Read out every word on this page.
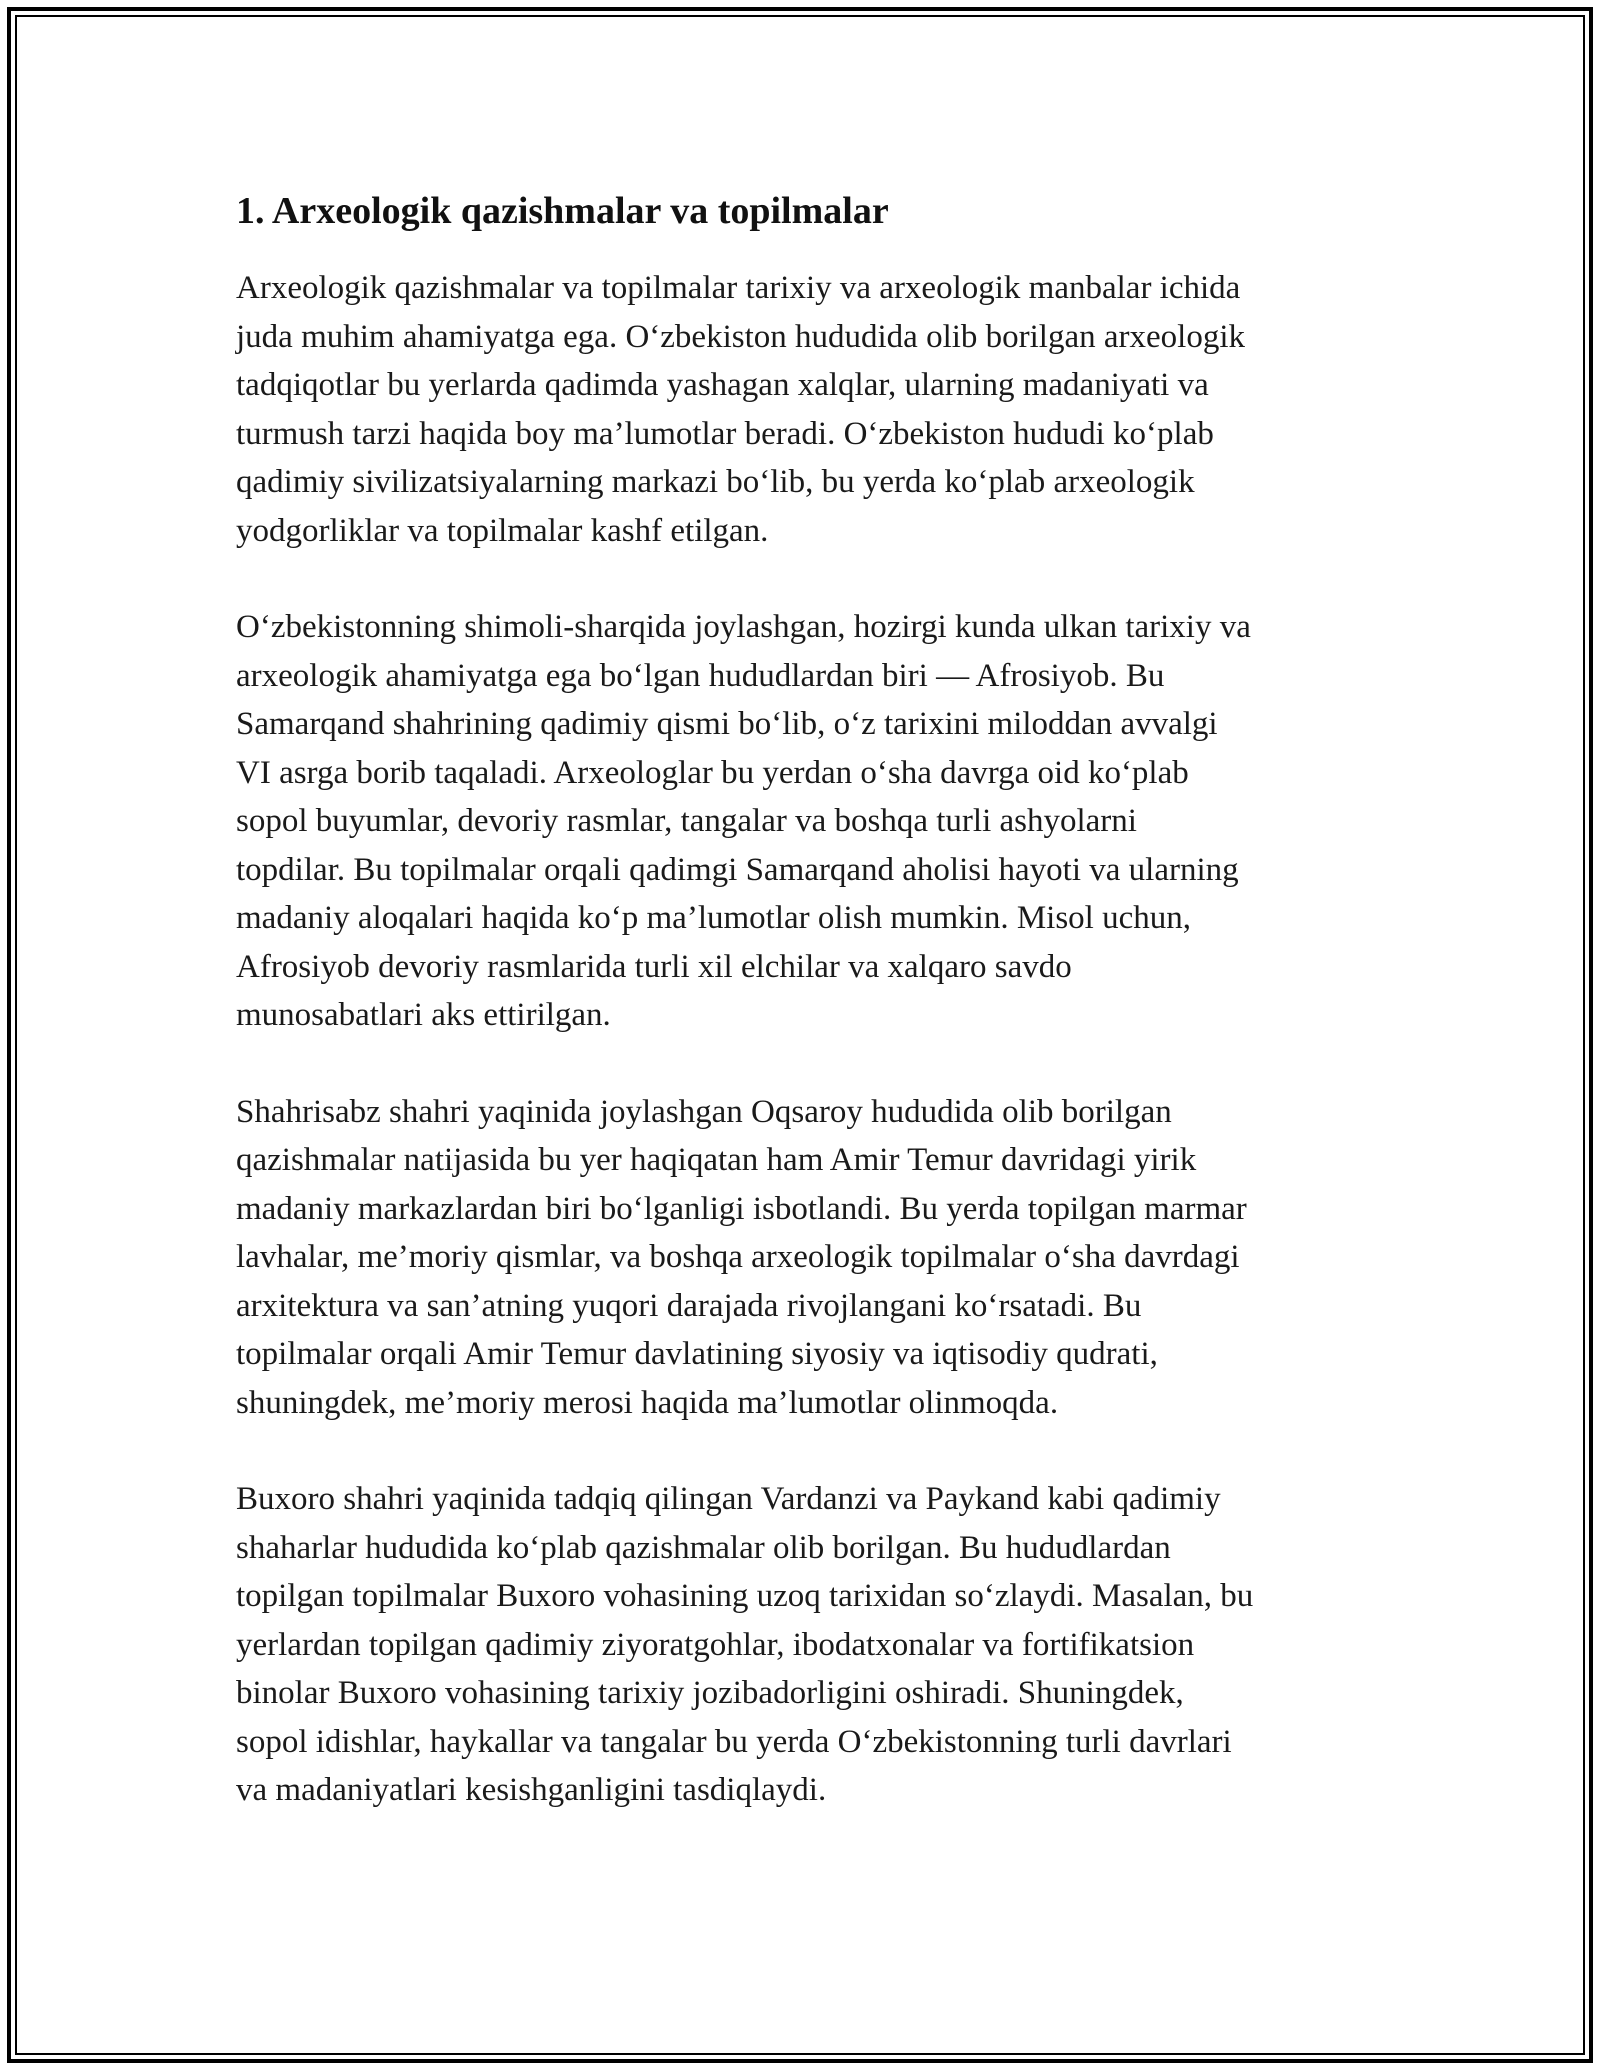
1. Arxeologik qazishmalar va topilmalar

Arxeologik qazishmalar va topilmalar tarixiy va arxeologik manbalar ichida
juda muhim ahamiyatga ega. O‘zbekiston hududida olib borilgan arxeologik
tadqiqotlar bu yerlarda qadimda yashagan xalqlar, ularning madaniyati va
turmush tarzi haqida boy ma’lumotlar beradi. O‘zbekiston hududi ko‘plab
qadimiy sivilizatsiyalarning markazi bo‘lib, bu yerda ko‘plab arxeologik
yodgorliklar va topilmalar kashf etilgan.

O‘zbekistonning shimoli-sharqida joylashgan, hozirgi kunda ulkan tarixiy va
arxeologik ahamiyatga ega bo‘lgan hududlardan biri — Afrosiyob. Bu
Samarqand shahrining qadimiy qismi bo‘lib, o‘z tarixini miloddan avvalgi
VI asrga borib taqaladi. Arxeologlar bu yerdan o‘sha davrga oid ko‘plab
sopol buyumlar, devoriy rasmlar, tangalar va boshqa turli ashyolarni
topdilar. Bu topilmalar orqali qadimgi Samarqand aholisi hayoti va ularning
madaniy aloqalari haqida ko‘p ma’lumotlar olish mumkin. Misol uchun,
Afrosiyob devoriy rasmlarida turli xil elchilar va xalqaro savdo
munosabatlari aks ettirilgan.

Shahrisabz shahri yaqinida joylashgan Oqsaroy hududida olib borilgan
qazishmalar natijasida bu yer haqiqatan ham Amir Temur davridagi yirik
madaniy markazlardan biri bo‘lganligi isbotlandi. Bu yerda topilgan marmar
lavhalar, me’moriy qismlar, va boshqa arxeologik topilmalar o‘sha davrdagi
arxitektura va san’atning yuqori darajada rivojlangani ko‘rsatadi. Bu
topilmalar orqali Amir Temur davlatining siyosiy va iqtisodiy qudrati,
shuningdek, me’moriy merosi haqida ma’lumotlar olinmoqda.

Buxoro shahri yaqinida tadqiq qilingan Vardanzi va Paykand kabi qadimiy
shaharlar hududida ko‘plab qazishmalar olib borilgan. Bu hududlardan
topilgan topilmalar Buxoro vohasining uzoq tarixidan so‘zlaydi. Masalan, bu
yerlardan topilgan qadimiy ziyoratgohlar, ibodatxonalar va fortifikatsion
binolar Buxoro vohasining tarixiy jozibadorligini oshiradi. Shuningdek,
sopol idishlar, haykallar va tangalar bu yerda O‘zbekistonning turli davrlari
va madaniyatlari kesishganligini tasdiqlaydi.
